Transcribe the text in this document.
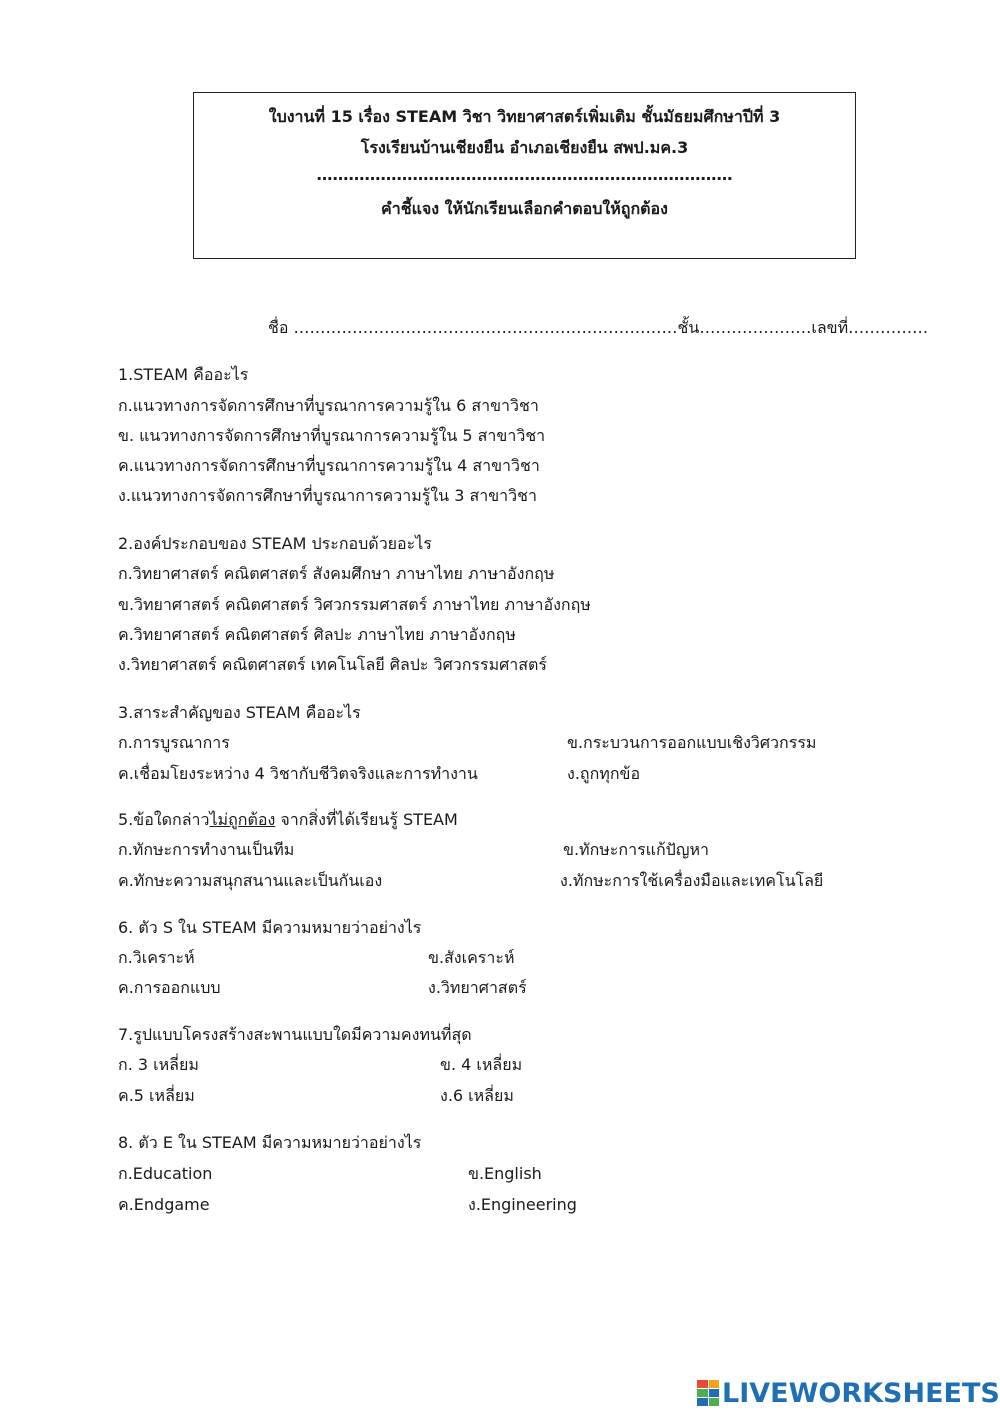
ใบงานที่ 15 เรื่อง STEAM วิชา วิทยาศาสตร์เพิ่มเติม ชั้นมัธยมศึกษาปีที่ 3
โรงเรียนบ้านเชียงยืน อำเภอเชียงยืน สพป.มค.3
……………………………………………………………………
คำชี้แจง ให้นักเรียนเลือกคำตอบให้ถูกต้อง
ชื่อ ………………………………………………………………ชั้น…………………เลขที่……………
1.STEAM คืออะไร
ก.แนวทางการจัดการศึกษาที่บูรณาการความรู้ใน 6 สาขาวิชา
ข. แนวทางการจัดการศึกษาที่บูรณาการความรู้ใน 5 สาขาวิชา
ค.แนวทางการจัดการศึกษาที่บูรณาการความรู้ใน 4 สาขาวิชา
ง.แนวทางการจัดการศึกษาที่บูรณาการความรู้ใน 3 สาขาวิชา
2.องค์ประกอบของ STEAM ประกอบด้วยอะไร
ก.วิทยาศาสตร์ คณิตศาสตร์ สังคมศึกษา ภาษาไทย ภาษาอังกฤษ
ข.วิทยาศาสตร์ คณิตศาสตร์ วิศวกรรมศาสตร์ ภาษาไทย ภาษาอังกฤษ
ค.วิทยาศาสตร์ คณิตศาสตร์ ศิลปะ ภาษาไทย ภาษาอังกฤษ
ง.วิทยาศาสตร์ คณิตศาสตร์ เทคโนโลยี ศิลปะ วิศวกรรมศาสตร์
3.สาระสำคัญของ STEAM คืออะไร
ก.การบูรณาการ	ข.กระบวนการออกแบบเชิงวิศวกรรม
ค.เชื่อมโยงระหว่าง 4 วิชากับชีวิตจริงและการทำงาน	ง.ถูกทุกข้อ
5.ข้อใดกล่าวไม่ถูกต้อง จากสิ่งที่ได้เรียนรู้ STEAM
ก.ทักษะการทำงานเป็นทีม	ข.ทักษะการแก้ปัญหา
ค.ทักษะความสนุกสนานและเป็นกันเอง	ง.ทักษะการใช้เครื่องมือและเทคโนโลยี
6. ตัว S ใน STEAM มีความหมายว่าอย่างไร
ก.วิเคราะห์	ข.สังเคราะห์
ค.การออกแบบ	ง.วิทยาศาสตร์
7.รูปแบบโครงสร้างสะพานแบบใดมีความคงทนที่สุด
ก. 3 เหลี่ยม	ข. 4 เหลี่ยม
ค.5 เหลี่ยม	ง.6 เหลี่ยม
8. ตัว E ใน STEAM มีความหมายว่าอย่างไร
ก.Education	ข.English
ค.Endgame	ง.Engineering
LIVEWORKSHEETS
